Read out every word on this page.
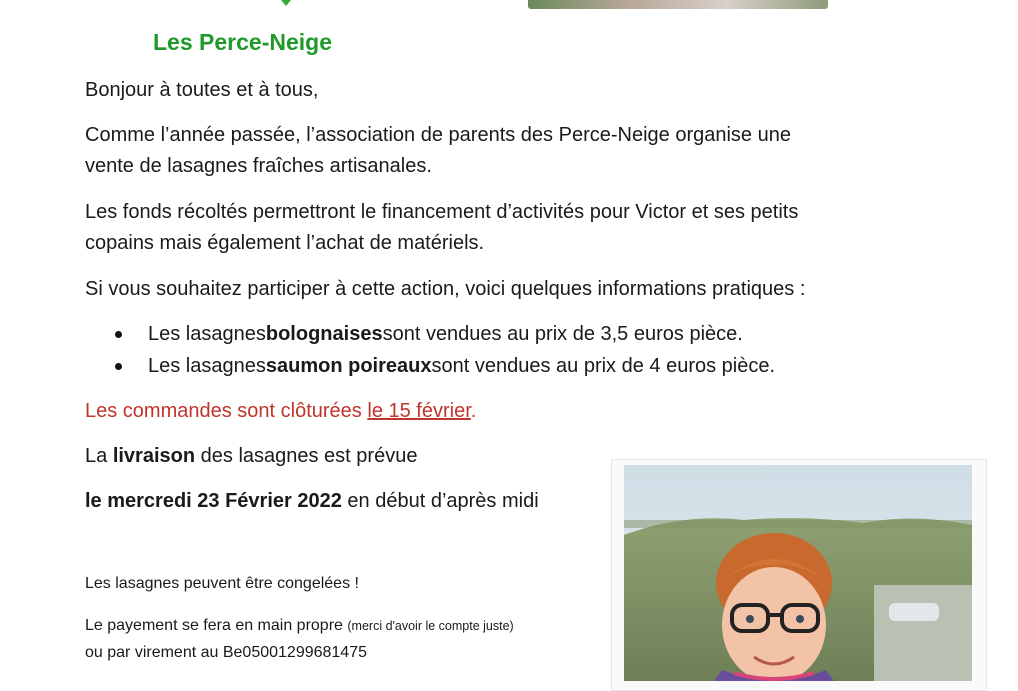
Les Perce-Neige
Bonjour à toutes et à tous,
Comme l’année passée, l’association de parents des Perce-Neige organise une
vente de lasagnes fraîches artisanales.
Les fonds récoltés permettront le financement d’activités pour Victor et ses petits
copains mais également l’achat de matériels.
Si vous souhaitez participer à cette action, voici quelques informations pratiques :
Les lasagnes bolognaises sont vendues au prix de 3,5 euros pièce.
Les lasagnes saumon poireaux sont vendues au prix de 4 euros pièce.
Les commandes sont clôturées le 15 février.
La livraison des lasagnes est prévue
le mercredi 23 Février 2022 en début d’après midi
Les lasagnes peuvent être congelées !
Le payement se fera en main propre (merci d'avoir le compte juste)
ou par virement au Be05001299681475
